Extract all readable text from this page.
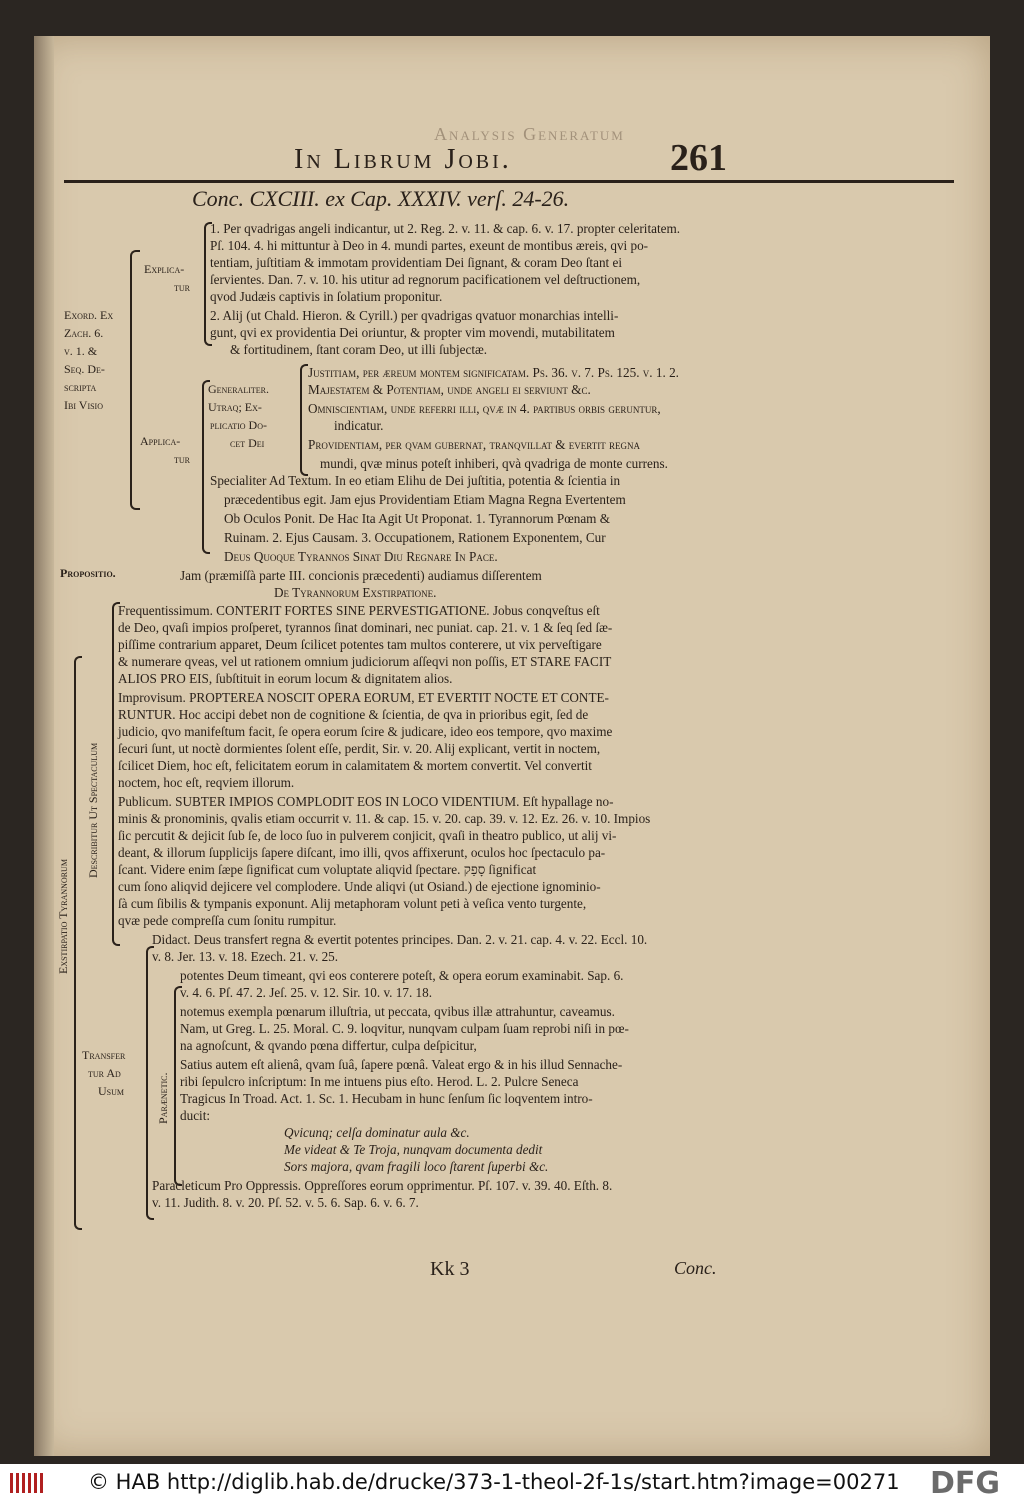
Analysis Generatum
In Librum Jobi.	261
Conc. CXCIII. ex Cap. XXXIV. verſ. 24-26.
Exord. Ex
Zach. 6.
v. 1. &
Seq. De-
scripta
Ibi Visio
Explica-
tur
Applica-
tur
Generaliter.
Utraq; Ex-
plicatio Do-
cet Dei
Propositio.
Exstirpatio Tyrannorum
Describitur Ut Spectaculum
Transfer
tur Ad
Usum	Parænetic.
1. Per qvadrigas angeli indicantur, ut 2. Reg. 2. v. 11. & cap. 6. v. 17. propter celeritatem.
Pſ. 104. 4. hi mittuntur à Deo in 4. mundi partes, exeunt de montibus æreis, qvi po-
tentiam, juſtitiam & immotam providentiam Dei ſignant, & coram Deo ſtant ei
ſervientes. Dan. 7. v. 10. his utitur ad regnorum pacificationem vel deſtructionem,
qvod Judæis captivis in ſolatium proponitur.
2. Alij (ut Chald. Hieron. & Cyrill.) per qvadrigas qvatuor monarchias intelli-
gunt, qvi ex providentia Dei oriuntur, & propter vim movendi, mutabilitatem
& fortitudinem, ſtant coram Deo, ut illi ſubjectæ.
Justitiam, per æreum montem ſignificatam. Pſ. 36. v. 7. Pſ. 125. v. 1. 2.
Majestatem & Potentiam, unde angeli ei ſerviunt &c.
Omniscientiam, unde referri illi, qvæ in 4. partibus orbis geruntur,
indicatur.
Providentiam, per qvam gubernat, tranqvillat & evertit regna
mundi, qvæ minus poteſt inhiberi, qvà qvadriga de monte currens.
Specialiter Ad Textum. In eo etiam Elihu de Dei juſtitia, potentia & ſcientia in
præcedentibus egit. Jam ejus Providentiam Etiam Magna Regna Evertentem
Ob Oculos Ponit. De Hac Ita Agit Ut Proponat. 1. Tyrannorum Pœnam &
Ruinam. 2. Ejus Causam. 3. Occupationem, Rationem Exponentem, Cur
Deus Quoque Tyrannos Sinat Diu Regnare In Pace.
Jam (præmiſſà parte III. concionis præcedenti) audiamus diſſerentem
De Tyrannorum Exstirpatione.
Frequentissimum. CONTERIT FORTES SINE PERVESTIGATIONE. Jobus conqveſtus eſt
de Deo, qvaſi impios proſperet, tyrannos ſinat dominari, nec puniat. cap. 21. v. 1 & ſeq ſed ſæ-
piſſime contrarium apparet, Deum ſcilicet potentes tam multos conterere, ut vix perveſtigare
& numerare qveas, vel ut rationem omnium judiciorum aſſeqvi non poſſis, ET STARE FACIT
ALIOS PRO EIS, ſubſtituit in eorum locum & dignitatem alios.
Improvisum. PROPTEREA NOSCIT OPERA EORUM, ET EVERTIT NOCTE ET CONTE-
RUNTUR. Hoc accipi debet non de cognitione & ſcientia, de qva in prioribus egit, ſed de
judicio, qvo manifeſtum facit, ſe opera eorum ſcire & judicare, ideo eos tempore, qvo maxime
ſecuri ſunt, ut noctè dormientes ſolent eſſe, perdit, Sir. v. 20. Alij explicant, vertit in noctem,
ſcilicet Diem, hoc eſt, felicitatem eorum in calamitatem & mortem convertit. Vel convertit
noctem, hoc eſt, reqviem illorum.
Publicum. SUBTER IMPIOS COMPLODIT EOS IN LOCO VIDENTIUM. Eſt hypallage no-
minis & pronominis, qvalis etiam occurrit v. 11. & cap. 15. v. 20. cap. 39. v. 12. Ez. 26. v. 10. Impios
ſic percutit & dejicit ſub ſe, de loco ſuo in pulverem conjicit, qvaſi in theatro publico, ut alij vi-
deant, & illorum ſupplicijs ſapere diſcant, imo illi, qvos affixerunt, oculos hoc ſpectaculo pa-
ſcant. Videre enim ſæpe ſignificat cum voluptate aliqvid ſpectare. סָפַק ſignificat
cum ſono aliqvid dejicere vel complodere. Unde aliqvi (ut Osiand.) de ejectione ignominio-
ſà cum ſibilis & tympanis exponunt. Alij metaphoram volunt peti à veſica vento turgente,
qvæ pede compreſſa cum ſonitu rumpitur.
Didact. Deus transfert regna & evertit potentes principes. Dan. 2. v. 21. cap. 4. v. 22. Eccl. 10.
v. 8. Jer. 13. v. 18. Ezech. 21. v. 25.
potentes Deum timeant, qvi eos conterere poteſt, & opera eorum examinabit. Sap. 6.
v. 4. 6. Pſ. 47. 2. Jeſ. 25. v. 12. Sir. 10. v. 17. 18.
notemus exempla pœnarum illuſtria, ut peccata, qvibus illæ attrahuntur, caveamus.
Nam, ut Greg. L. 25. Moral. C. 9. loqvitur, nunqvam culpam ſuam reprobi niſi in pœ-
na agnoſcunt, & qvando pœna differtur, culpa deſpicitur,
Satius autem eſt alienâ, qvam ſuâ, ſapere pœnâ. Valeat ergo & in his illud Sennache-
ribi ſepulcro inſcriptum: In me intuens pius eſto. Herod. L. 2. Pulcre Seneca
Tragicus In Troad. Act. 1. Sc. 1. Hecubam in hunc ſenſum ſic loqventem intro-
ducit:
Qvicunq; celſa dominatur aula &c.
Me videat & Te Troja, nunqvam documenta dedit
Sors majora, qvam fragili loco ſtarent ſuperbi &c.
Paracleticum Pro Oppressis. Oppreſſores eorum opprimentur. Pſ. 107. v. 39. 40. Eſth. 8.
v. 11. Judith. 8. v. 20. Pſ. 52. v. 5. 6. Sap. 6. v. 6. 7.
Kk 3	Conc.
© HAB http://diglib.hab.de/drucke/373-1-theol-2f-1s/start.htm?image=00271 DFG
